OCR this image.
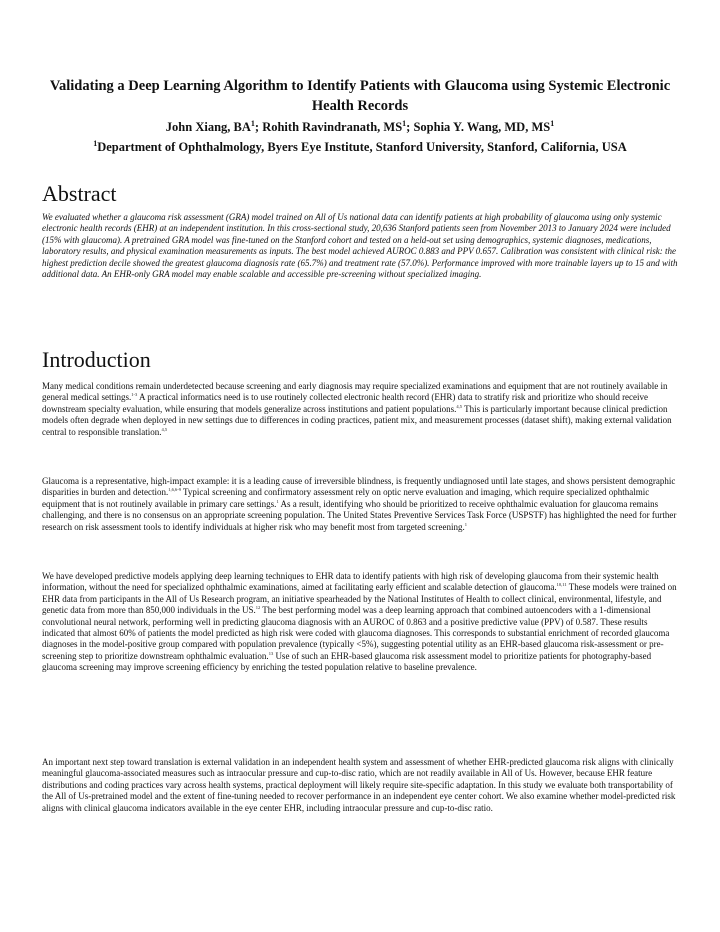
Validating a Deep Learning Algorithm to Identify Patients with Glaucoma using Systemic Electronic Health Records

John Xiang, BA$^1$; Rohith Ravindranath, MS$^1$; Sophia Y. Wang, MD, MS$^1$

$^1$Department of Ophthalmology, Byers Eye Institute, Stanford University, Stanford, California, USA

Abstract

We evaluated whether a glaucoma risk assessment (GRA) model trained on All of Us national data can identify patients at high probability of glaucoma using only systemic electronic health records (EHR) at an independent institution. In this cross-sectional study, 20,636 Stanford patients seen from November 2013 to January 2024 were included (15% with glaucoma). A pretrained GRA model was fine-tuned on the Stanford cohort and tested on a held-out set using demographics, systemic diagnoses, medications, laboratory results, and physical examination measurements as inputs. The best model achieved AUROC 0.883 and PPV 0.657. Calibration was consistent with clinical risk: the highest prediction decile showed the greatest glaucoma diagnosis rate (65.7%) and treatment rate (57.0%). Performance improved with more trainable layers up to 15 and with additional data. An EHR-only GRA model may enable scalable and accessible pre-screening without specialized imaging.

Introduction

Many medical conditions remain underdetected because screening and early diagnosis may require specialized examinations and equipment that are not routinely available in general medical settings.$^{1-3}$ A practical informatics need is to use routinely collected electronic health record (EHR) data to stratify risk and prioritize who should receive downstream specialty evaluation, while ensuring that models generalize across institutions and patient populations.$^{4,5}$ This is particularly important because clinical prediction models often degrade when deployed in new settings due to differences in coding practices, patient mix, and measurement processes (dataset shift), making external validation central to responsible translation.$^{4,5}$

Glaucoma is a representative, high-impact example: it is a leading cause of irreversible blindness, is frequently undiagnosed until late stages, and shows persistent demographic disparities in burden and detection.$^{1,6,6-9}$ Typical screening and confirmatory assessment rely on optic nerve evaluation and imaging, which require specialized ophthalmic equipment that is not routinely available in primary care settings.$^1$ As a result, identifying who should be prioritized to receive ophthalmic evaluation for glaucoma remains challenging, and there is no consensus on an appropriate screening population. The United States Preventive Services Task Force (USPSTF) has highlighted the need for further research on risk assessment tools to identify individuals at higher risk who may benefit most from targeted screening.$^1$

We have developed predictive models applying deep learning techniques to EHR data to identify patients with high risk of developing glaucoma from their systemic health information, without the need for specialized ophthalmic examinations, aimed at facilitating early efficient and scalable detection of glaucoma.$^{10,11}$ These models were trained on EHR data from participants in the All of Us Research program, an initiative spearheaded by the National Institutes of Health to collect clinical, environmental, lifestyle, and genetic data from more than 850,000 individuals in the US.$^{12}$ The best performing model was a deep learning approach that combined autoencoders with a 1-dimensional convolutional neural network, performing well in predicting glaucoma diagnosis with an AUROC of 0.863 and a positive predictive value (PPV) of 0.587. These results indicated that almost 60% of patients the model predicted as high risk were coded with glaucoma diagnoses. This corresponds to substantial enrichment of recorded glaucoma diagnoses in the model-positive group compared with population prevalence (typically <5%), suggesting potential utility as an EHR-based glaucoma risk-assessment or pre-screening step to prioritize downstream ophthalmic evaluation.$^{13}$ Use of such an EHR-based glaucoma risk assessment model to prioritize patients for photography-based glaucoma screening may improve screening efficiency by enriching the tested population relative to baseline prevalence.

An important next step toward translation is external validation in an independent health system and assessment of whether EHR-predicted glaucoma risk aligns with clinically meaningful glaucoma-associated measures such as intraocular pressure and cup-to-disc ratio, which are not readily available in All of Us. However, because EHR feature distributions and coding practices vary across health systems, practical deployment will likely require site-specific adaptation. In this study we evaluate both transportability of the All of Us-pretrained model and the extent of fine-tuning needed to recover performance in an independent eye center cohort. We also examine whether model-predicted risk aligns with clinical glaucoma indicators available in the eye center EHR, including intraocular pressure and cup-to-disc ratio.
